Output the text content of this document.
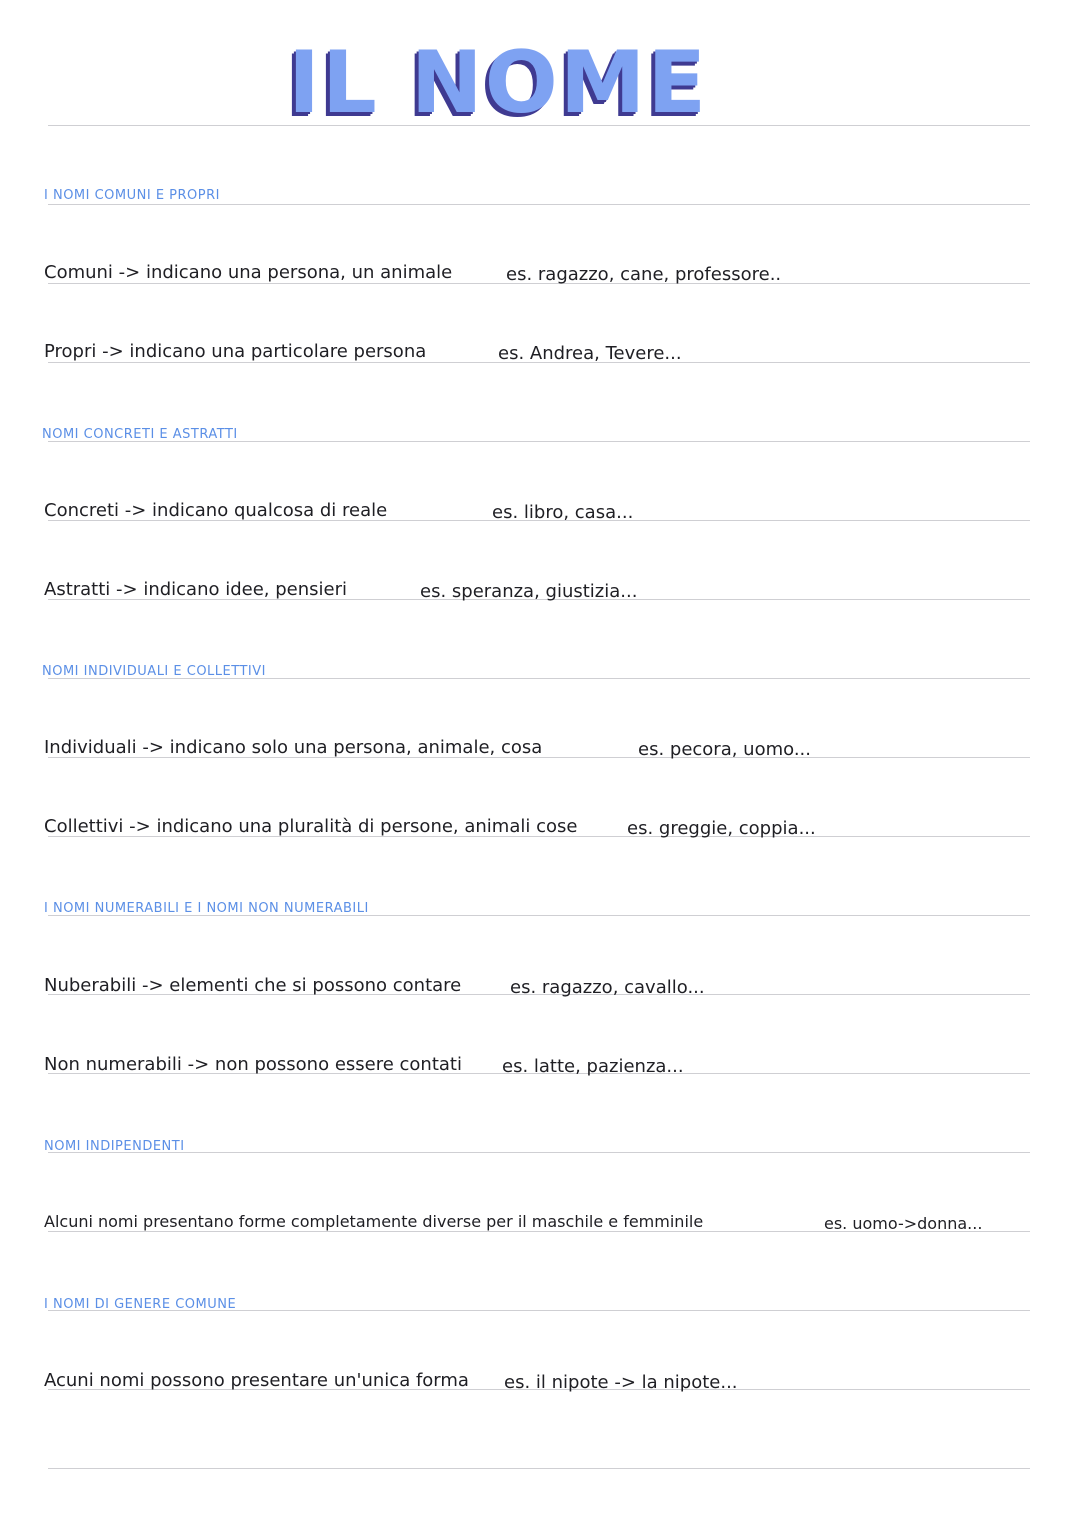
IL NOME
I NOMI COMUNI E PROPRI
Comuni -> indicano una persona, un animale	es. ragazzo, cane, professore..
Propri -> indicano una particolare persona	es. Andrea, Tevere...
NOMI CONCRETI E ASTRATTI
Concreti -> indicano qualcosa di reale	es. libro, casa...
Astratti -> indicano idee, pensieri	es. speranza, giustizia...
NOMI INDIVIDUALI E COLLETTIVI
Individuali -> indicano solo una persona, animale, cosa	es. pecora, uomo...
Collettivi -> indicano una pluralità di persone, animali cose	es. greggie, coppia...
I NOMI NUMERABILI E I NOMI NON NUMERABILI
Nuberabili -> elementi che si possono contare	es. ragazzo, cavallo...
Non numerabili -> non possono essere contati es. latte, pazienza...
NOMI INDIPENDENTI
Alcuni nomi presentano forme completamente diverse per il maschile e femminile	es. uomo->donna...
I NOMI DI GENERE COMUNE
Acuni nomi possono presentare un'unica forma es. il nipote -> la nipote...
